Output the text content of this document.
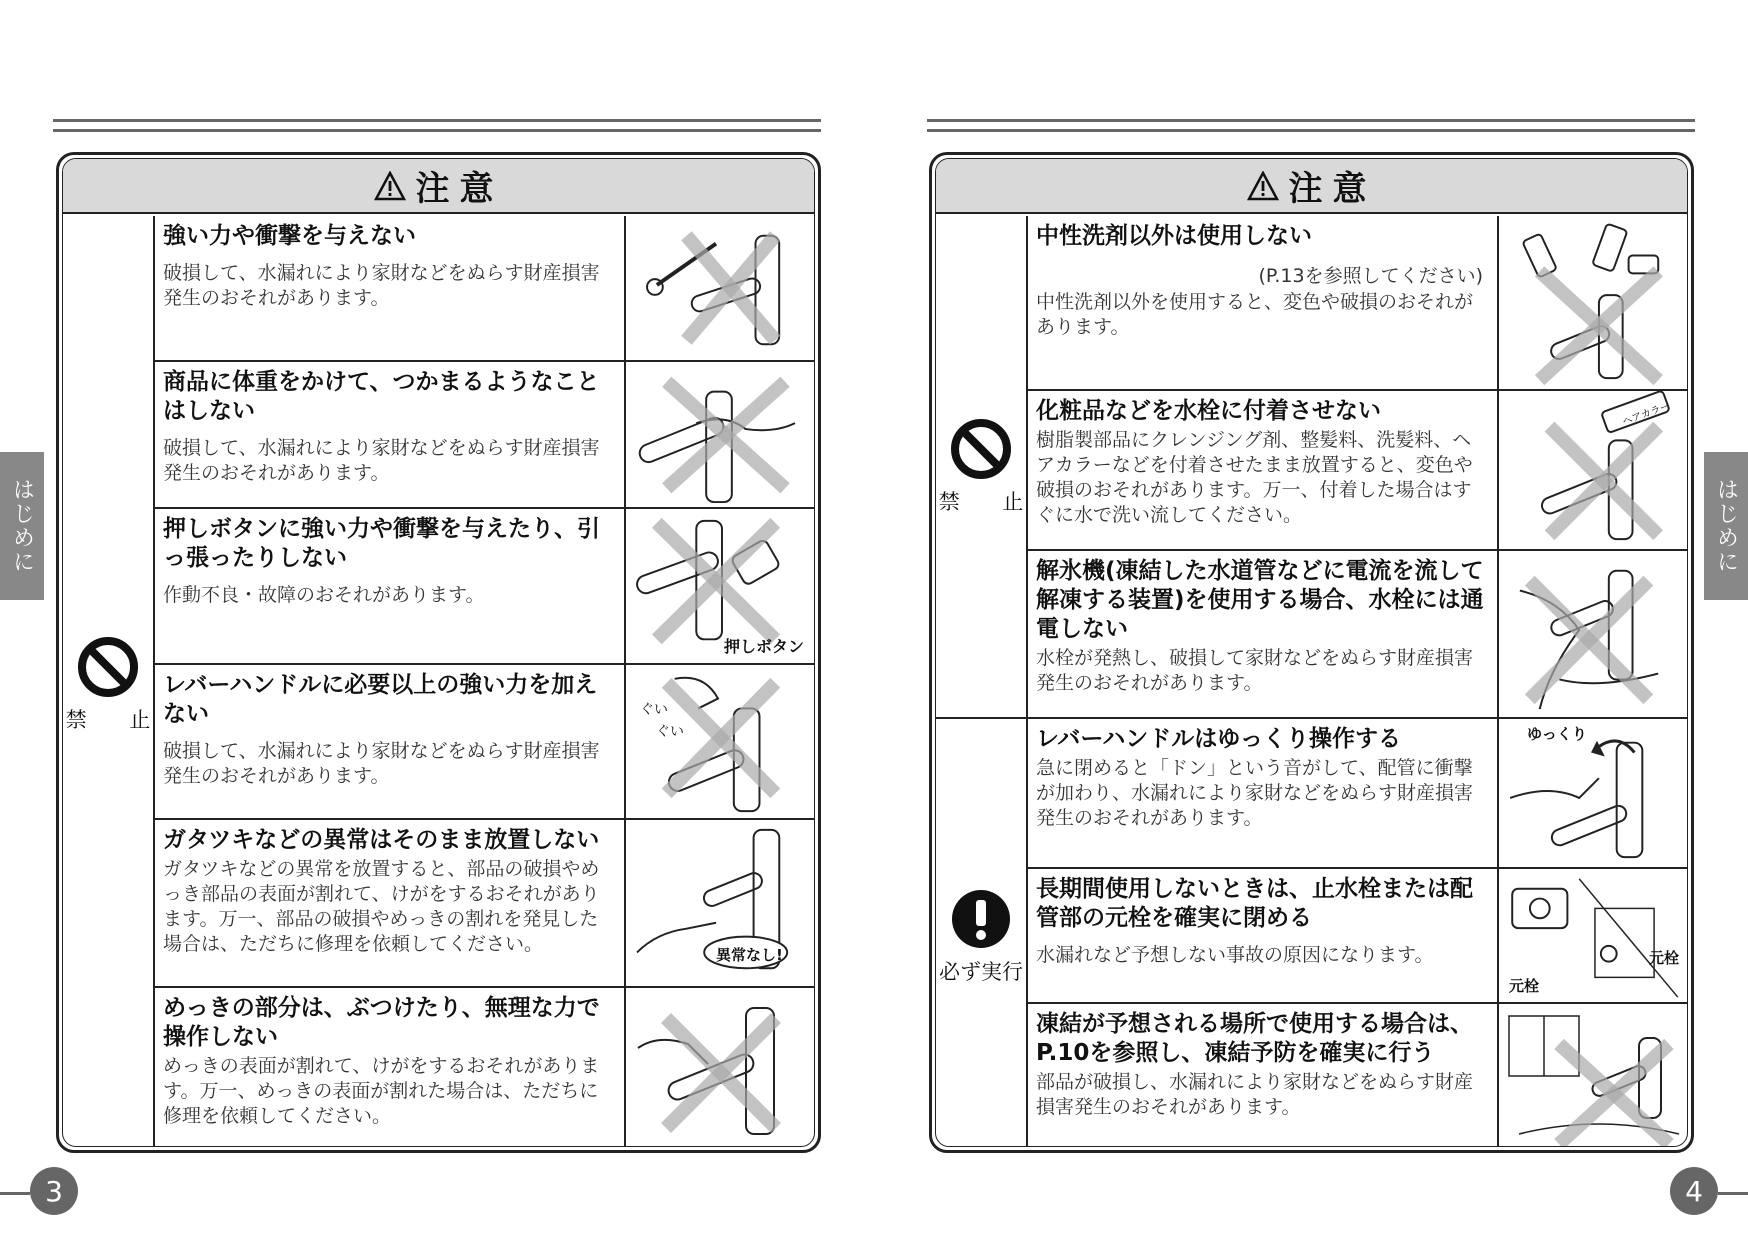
はじめに	はじめに
注意
禁 止
強い力や衝撃を与えない
破損して、水漏れにより家財などをぬらす財産損害発生のおそれがあります。
商品に体重をかけて、つかまるようなことはしない
破損して、水漏れにより家財などをぬらす財産損害発生のおそれがあります。
押しボタンに強い力や衝撃を与えたり、引っ張ったりしない
作動不良・故障のおそれがあります。
押しボタン
レバーハンドルに必要以上の強い力を加えない
破損して、水漏れにより家財などをぬらす財産損害発生のおそれがあります。
ぐい
ぐい
ガタツキなどの異常はそのまま放置しない
ガタツキなどの異常を放置すると、部品の破損やめっき部品の表面が割れて、けがをするおそれがあります。万一、部品の破損やめっきの割れを発見した場合は、ただちに修理を依頼してください。	異常なし!
めっきの部分は、ぶつけたり、無理な力で操作しない
めっきの表面が割れて、けがをするおそれがあります。万一、めっきの表面が割れた場合は、ただちに修理を依頼してください。
注意
禁 止
必ず実行
中性洗剤以外は使用しない
(P.13を参照してください)
中性洗剤以外を使用すると、変色や破損のおそれがあります。
化粧品などを水栓に付着させない
樹脂製部品にクレンジング剤、整髪料、洗髪料、ヘアカラーなどを付着させたまま放置すると、変色や破損のおそれがあります。万一、付着した場合はすぐに水で洗い流してください。
ヘアカラー
解氷機(凍結した水道管などに電流を流して解凍する装置)を使用する場合、水栓には通電しない
水栓が発熱し、破損して家財などをぬらす財産損害発生のおそれがあります。
レバーハンドルはゆっくり操作する
急に閉めると「ドン」という音がして、配管に衝撃が加わり、水漏れにより家財などをぬらす財産損害発生のおそれがあります。
ゆっくり
長期間使用しないときは、止水栓または配管部の元栓を確実に閉める
水漏れなど予想しない事故の原因になります。	元栓
元栓
凍結が予想される場所で使用する場合は、P.10を参照し、凍結予防を確実に行う
部品が破損し、水漏れにより家財などをぬらす財産損害発生のおそれがあります。
3	4
